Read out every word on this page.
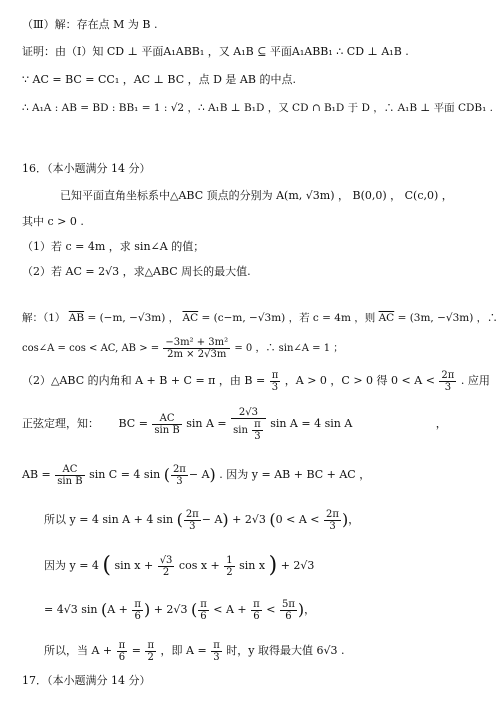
（Ⅲ）解：存在点 M 为 B .
证明：由（Ⅰ）知 CD ⊥ 平面A₁ABB₁ ，又 A₁B ⊆ 平面A₁ABB₁ ∴ CD ⊥ A₁B .
∵ AC = BC = CC₁ ，AC ⊥ BC ，点 D 是 AB 的中点.
∴ A₁A : AB = BD : BB₁ = 1 : √2 ，∴ A₁B ⊥ B₁D ，又 CD ∩ B₁D 于 D ，∴ A₁B ⊥ 平面 CDB₁ .
16．（本小题满分 14 分）
已知平面直角坐标系中△ABC 顶点的分别为 A(m, √3m) ， B(0,0) ， C(c,0) ，
其中 c > 0 .
（1）若 c = 4m ，求 sin∠A 的值；
（2）若 AC = 2√3 ，求△ABC 周长的最大值.
解：（1） $\overline{AB} = (-m$, −√3m) ， $\overline{AC} = (c-m$, −√3m) ，若 c = 4m ，则 $\overline{AC} = (3m$, −√3m) ，∴
cos∠A = cos < AC, AB > = $\frac{\text{−3m² + 3m²}}{2m \times 2√3m} = 0$ ，∴ sin∠A = 1 ；
（2）△ABC 的内角和 A + B + C = π ，由 $B = \frac{\pi}{3}$ ，A > 0 ，C > 0 得 $0 < A < \frac{2\pi}{3}$ . 应用
正弦定理，知： BC = $\frac{AC}{\text{sin B}}$ $\sin A = \frac{2√3}{\sin \frac{\pi}{3}}$ sin A = 4 sin A	，
AB = $\frac{AC}{\text{sin B}}$ sin C = 4 sin ( $\frac{2\pi}{3} - A$) . 因为 y = AB + BC + AC ，
所以 y = 4 sin A + 4 sin ( $\frac{2\pi}{3} - A) + 2√3$ ($0 < A < \frac{2\pi}{3}$ )，
因为 y = 4 ( $\sin x + \frac{√3}{2}$ $\cos x + \frac{1}{2}$ sin x ) + 2√3
= 4√3 $\sin (A + \frac{\pi}{6}$ ) + 2√3 ( $\frac{\pi}{6} < A + \frac{\pi}{6} < \frac{5\pi}{6}$ )，
所以，当 $A + \frac{\pi}{6} = \frac{\pi}{2}$ ，即 $A = \frac{\pi}{3}$ 时，y 取得最大值 6√3 .
17．（本小题满分 14 分）
